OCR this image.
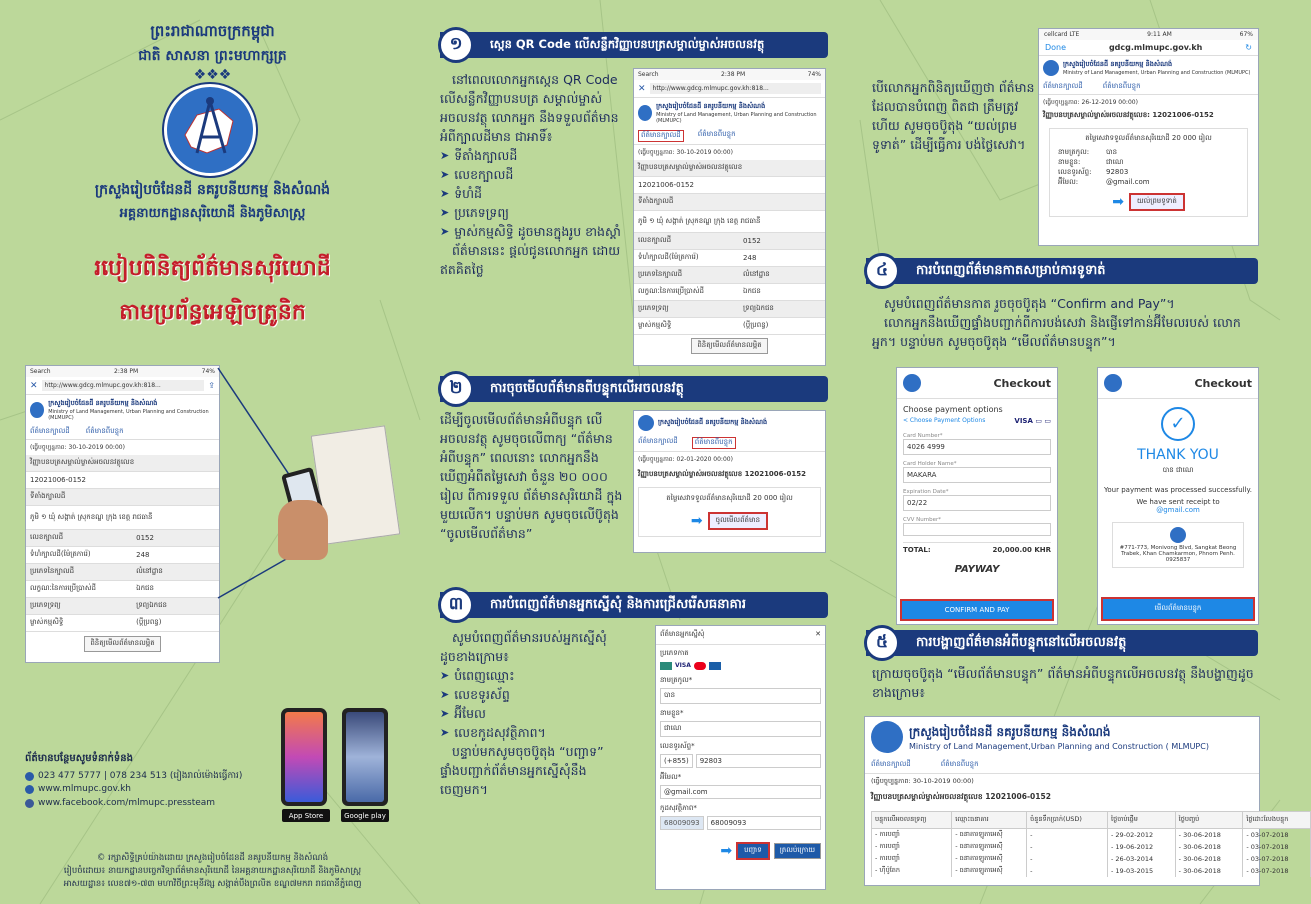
ព្រះរាជាណាចក្រកម្ពុជា
ជាតិ សាសនា ព្រះមហាក្សត្រ
❖❖❖
ក្រសួងរៀបចំដែនដី នគរូបនីយកម្ម និងសំណង់
អគ្គនាយកដ្ឋានសុរិយោដី និងភូមិសាស្ត្រ
របៀបពិនិត្យព័ត៌មានសុរិយោដី
តាមប្រព័ន្ធអេឡិចត្រូនិក
Search	2:38 PM	74%
✕	http://www.gdcg.mlmupc.gov.kh:818...	⇪
ក្រសួងរៀបចំដែនដី នគរូបនីយកម្ម និងសំណង់
Ministry of Land Management, Urban Planning and Construction (MLMUPC)
ព័ត៌មានក្បាលដី ព័ត៌មានពីបន្ទុក
(ធ្វើបច្ចុប្បន្នភាព: 30-10-2019 00:00)
វិញ្ញាបនបត្រសម្គាល់ម្ចាស់អចលនវត្ថុលេខ
12021006-0152
ទីតាំងក្បាលដី
ភូមិ ១ ឃុំ សង្កាត់ ស្រុកខណ្ឌ ក្រុង ខេត្ត រាជធានី
លេខក្បាលដី	0152
ទំហំក្បាលដី(ម៉ែត្រការ៉េ)	248
ប្រភេទនៃក្បាលដី	លំនៅដ្ឋាន
លក្ខណៈនៃការប្រើប្រាស់ដី	ឯកជន
ប្រភេទទ្រព្យ	ទ្រព្យឯកជន
ម្ចាស់កម្មសិទ្ធិ	(ប្តីប្រពន្ធ)
ពិនិត្យមើលព័ត៌មានលម្អិត
App Store	Google play
ព័ត៌មានបន្ថែមសូមទំនាក់ទំនង
023 477 5777 | 078 234 513 (រៀងរាល់ម៉ោងធ្វើការ)
www.mlmupc.gov.kh
www.facebook.com/mlmupc.pressteam
© រក្សាសិទ្ធិគ្រប់យ៉ាងដោយ ក្រសួងរៀបចំដែនដី នគរូបនីយកម្ម និងសំណង់
រៀបចំដោយ៖ នាយកដ្ឋានបច្ចេកវិទ្យាព័ត៌មានសុរិយោដី នៃអគ្គនាយកដ្ឋានសុរិយោដី និងភូមិសាស្ត្រ
អាសយដ្ឋាន៖ លេខ៧១-៧៣ មហាវិថីព្រះមុនីវង្ស សង្កាត់បឹងព្រលិត ខណ្ឌ៧មករា រាជធានីភ្នំពេញ
១	ស្កេន QR Code លើសន្លឹកវិញ្ញាបនបត្រសម្គាល់ម្ចាស់អចលនវត្ថុ
នៅពេលលោកអ្នកស្កេន QR Code លើសន្លឹកវិញ្ញាបនបត្រ សម្គាល់ម្ចាស់អចលនវត្ថុ លោកអ្នក នឹងទទួលព័ត៌មាន អំពីក្បាលដីមាន ជាអាទិ៍៖
➤ ទីតាំងក្បាលដី
➤ លេខក្បាលដី
➤ ទំហំដី
➤ ប្រភេទទ្រព្យ
➤ ម្ចាស់កម្មសិទ្ធិ ដូចមានក្នុងរូប ខាងស្តាំ
ព័ត៌មាននេះ ផ្តល់ជូនលោកអ្នក ដោយឥតគិតថ្លៃ
Search	2:38 PM	74%
✕	http://www.gdcg.mlmupc.gov.kh:818...
ក្រសួងរៀបចំដែនដី នគរូបនីយកម្ម និងសំណង់
Ministry of Land Management, Urban Planning and Construction (MLMUPC)
ព័ត៌មានក្បាលដី	ព័ត៌មានពីបន្ទុក
(ធ្វើបច្ចុប្បន្នភាព: 30-10-2019 00:00)
វិញ្ញាបនបត្រសម្គាល់ម្ចាស់អចលនវត្ថុលេខ
12021006-0152
ទីតាំងក្បាលដី
ភូមិ ១ ឃុំ សង្កាត់ ស្រុកខណ្ឌ ក្រុង ខេត្ត រាជធានី
លេខក្បាលដី	0152
ទំហំក្បាលដី(ម៉ែត្រការ៉េ)	248
ប្រភេទនៃក្បាលដី	លំនៅដ្ឋាន
លក្ខណៈនៃការប្រើប្រាស់ដី	ឯកជន
ប្រភេទទ្រព្យ	ទ្រព្យឯកជន
ម្ចាស់កម្មសិទ្ធិ	(ប្តីប្រពន្ធ)
ពិនិត្យមើលព័ត៌មានលម្អិត
២	ការចុចមើលព័ត៌មានពីបន្ទុកលើអចលនវត្ថុ
ដើម្បីចូលមើលព័ត៌មានអំពីបន្ទុក លើអចលនវត្ថុ សូមចុចលើពាក្យ “ព័ត៌មានអំពីបន្ទុក” ពេលនោះ លោកអ្នកនឹងឃើញអំពីតម្លៃសេវា ចំនួន ២០ ០០០ រៀល ពីការទទួល ព័ត៌មានសុរិយោដី ក្នុងមួយលើក។ បន្ទាប់មក សូមចុចលើប៊ូតុង “ចូលមើលព័ត៌មាន”
ក្រសួងរៀបចំដែនដី នគរូបនីយកម្ម និងសំណង់
ព័ត៌មានក្បាលដី	ព័ត៌មានពីបន្ទុក
(ធ្វើបច្ចុប្បន្នភាព: 02-01-2020 00:00)
វិញ្ញាបនបត្រសម្គាល់ម្ចាស់អចលនវត្ថុលេខ 12021006-0152
តម្លៃសេវាទទួលព័ត៌មានសុរិយោដី 20 000 រៀល
➡	ចូលមើលព័ត៌មាន
៣	ការបំពេញព័ត៌មានអ្នកស្នើសុំ និងការជ្រើសរើសធនាគារ
សូមបំពេញព័ត៌មានរបស់អ្នកស្នើសុំ ដូចខាងក្រោម៖
➤ បំពេញឈ្មោះ
➤ លេខទូរស័ព្ទ
➤ អ៊ីមែល
➤ លេខកូដសុវត្ថិភាព។
បន្ទាប់មកសូមចុចប៊ូតុង “បញ្ជាទ” ផ្ទាំងបញ្ជាក់ព័ត៌មានអ្នកស្នើសុំនឹង ចេញមក។
ព័ត៌មានអ្នកស្នើសុំ	✕
ប្រភេទកាត
VISA
នាមត្រកូល*
បាន
នាមខ្លួន*
ជាណេ
លេខទូរស័ព្ទ*
(+855)	92803
អ៊ីមែល*
@gmail.com
កូដសុវត្ថិភាព*
68009093	68009093
➡	បញ្ជាទ	ត្រលប់ក្រោយ
បើលោកអ្នកពិនិត្យឃើញថា ព័ត៌មាន ដែលបានបំពេញ ពិតជា ត្រឹមត្រូវហើយ សូមចុចប៊ូតុង “យល់ព្រមទូទាត់” ដើម្បីធ្វើការ បង់ថ្លៃសេវា។
cellcard LTE	9:11 AM	67%
Done	gdcg.mlmupc.gov.kh	↻
ក្រសួងរៀបចំដែនដី នគរូបនីយកម្ម និងសំណង់
Ministry of Land Management, Urban Planning and Construction (MLMUPC)
ព័ត៌មានក្បាលដី	ព័ត៌មានពីបន្ទុក
(ធ្វើបច្ចុប្បន្នភាព: 26-12-2019 00:00)
វិញ្ញាបនបត្រសម្គាល់ម្ចាស់អចលនវត្ថុលេខ: 12021006-0152
តម្លៃសេវាទទួលព័ត៌មានសុរិយោដី 20 000 រៀល
នាមត្រកូល:	បាន
នាមខ្លួន:	ជាណេ
លេខទូរស័ព្ទ:	92803
អ៊ីមែល:	@gmail.com
➡	យល់ព្រមទូទាត់
៤	ការបំពេញព័ត៌មានកាតសម្រាប់ការទូទាត់
សូមបំពេញព័ត៌មានកាត រួចចុចប៊ូតុង “Confirm and Pay”។
លោកអ្នកនឹងឃើញផ្ទាំងបញ្ជាក់ពីការបង់សេវា និងផ្ញើទៅកាន់អ៊ីមែលរបស់ លោកអ្នក។ បន្ទាប់មក សូមចុចប៊ូតុង “មើលព័ត៌មានបន្ទុក”។
Checkout
Choose payment options
< Choose Payment Options	VISA ▭ ▭
Card Number*
4026 4999
Card Holder Name*
MAKARA
Expiration Date*
02/22
CVV Number*
TOTAL:	20,000.00 KHR
PAYWAY
CONFIRM AND PAY
Checkout
✓
THANK YOU
បាន ជាណេ
Your payment was processed successfully.
We have sent receipt to
@gmail.com
#771-773, Monivong Blvd, Sangkat Beong Trabek, Khan Chamkarmon, Phnom Penh.
0925837
មើលព័ត៌មានបន្ទុក
៥	ការបង្ហាញព័ត៌មានអំពីបន្ទុកនៅលើអចលនវត្ថុ
ក្រោយចុចប៊ូតុង “មើលព័ត៌មានបន្ទុក” ព័ត៌មានអំពីបន្ទុកលើអចលនវត្ថុ នឹងបង្ហាញដូចខាងក្រោម៖
ក្រសួងរៀបចំដែនដី នគរូបនីយកម្ម និងសំណង់
Ministry of Land Management,Urban Planning and Construction ( MLMUPC)
ព័ត៌មានក្បាលដី	ព័ត៌មានពីបន្ទុក
(ធ្វើបច្ចុប្បន្នភាព: 30-10-2019 00:00)
វិញ្ញាបនបត្រសម្គាល់ម្ចាស់អចលនវត្ថុលេខ 12021006-0152
បន្ទុកលើអចលនទ្រព្យ	ឈ្មោះធនាគារ	ចំនួនទឹកប្រាក់(USD)	ថ្ងៃចាប់ផ្តើម	ថ្ងៃបញ្ចប់	ថ្ងៃដោះលែងបន្ទុក
- ការបញ្ចាំ	- ធនាគារឡូតាអេស៊ី	-	- 29-02-2012	- 30-06-2018	- 03-07-2018
- ការបញ្ចាំ	- ធនាគារឡូតាអេស៊ី	-	- 19-06-2012	- 30-06-2018	- 03-07-2018
- ការបញ្ចាំ	- ធនាគារឡូតាអេស៊ី	-	- 26-03-2014	- 30-06-2018	- 03-07-2018
- ហ៊ីប៉ូតែក	- ធនាគារឡូតាអេស៊ី	-	- 19-03-2015	- 30-06-2018	- 03-07-2018
